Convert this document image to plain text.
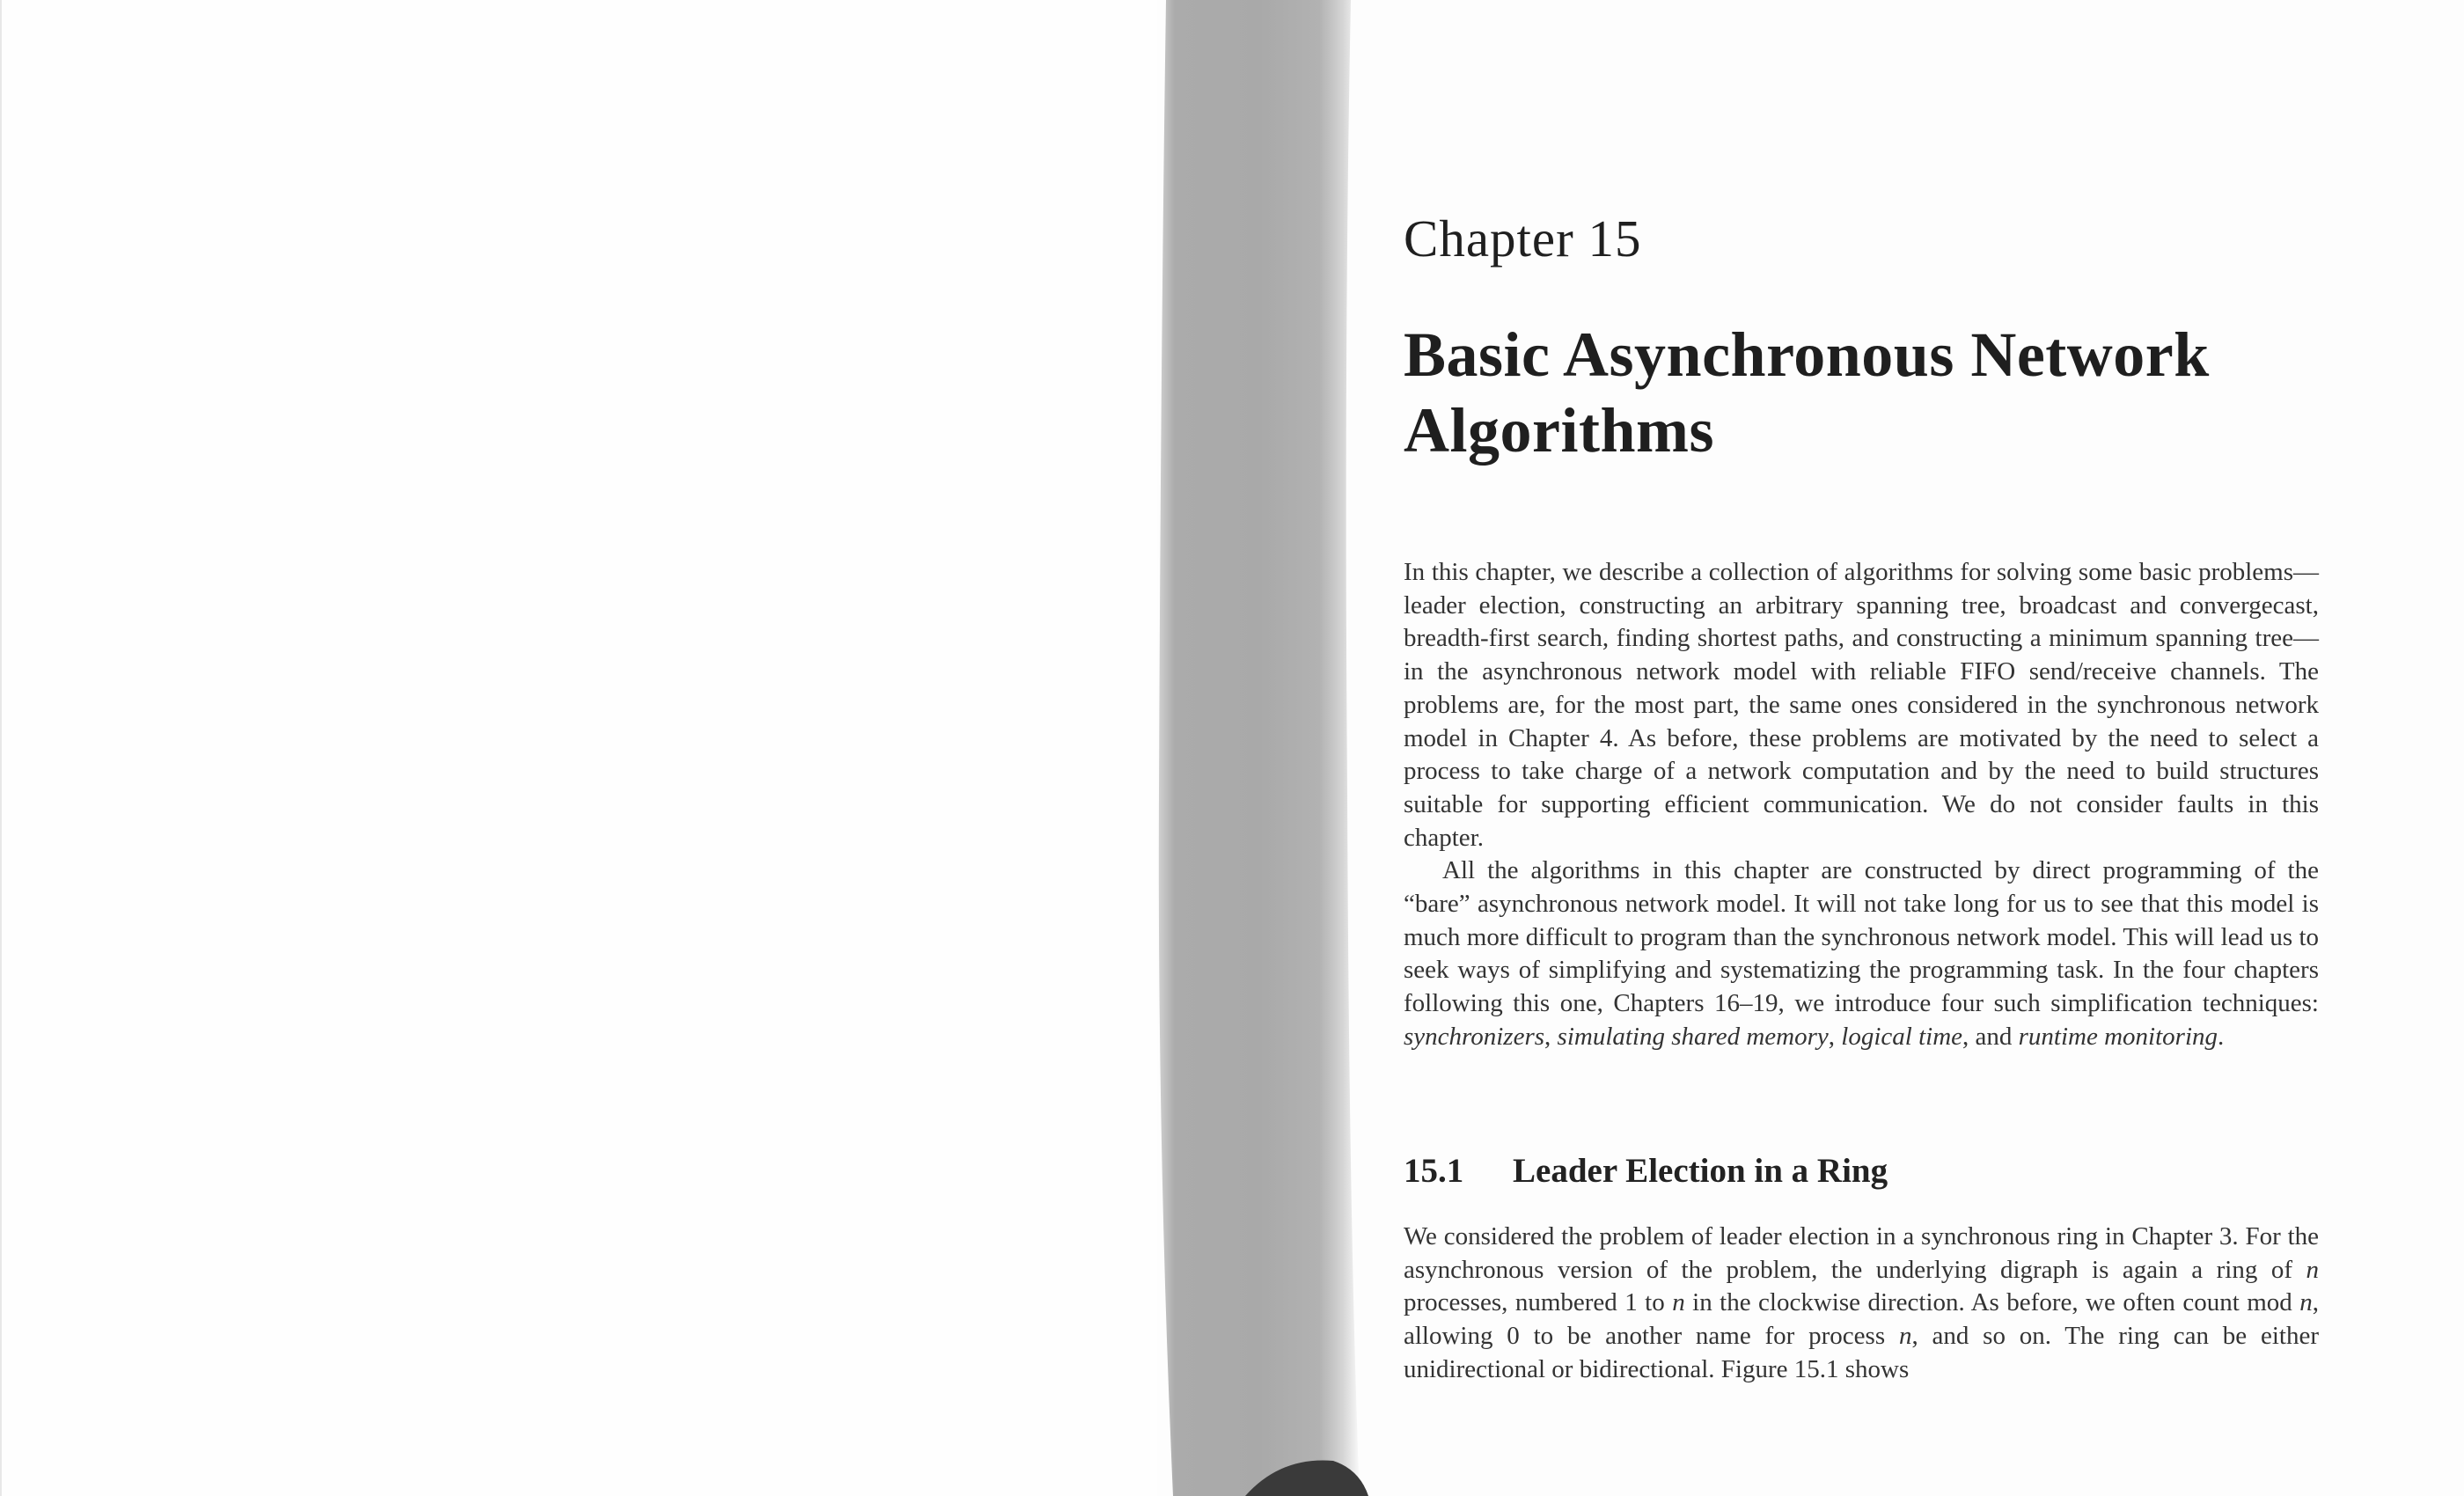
Chapter 15
Basic Asynchronous Network Algorithms

In this chapter, we describe a collection of algorithms for solving some basic problems—leader election, constructing an arbitrary spanning tree, broadcast and convergecast, breadth-first search, finding shortest paths, and constructing a minimum spanning tree—in the asynchronous network model with reliable FIFO send/receive channels. The problems are, for the most part, the same ones considered in the synchronous network model in Chapter 4. As before, these problems are motivated by the need to select a process to take charge of a network computation and by the need to build structures suitable for supporting efficient communication. We do not consider faults in this chapter.

All the algorithms in this chapter are constructed by direct programming of the “bare” asynchronous network model. It will not take long for us to see that this model is much more difficult to program than the synchronous network model. This will lead us to seek ways of simplifying and systematizing the programming task. In the four chapters following this one, Chapters 16–19, we introduce four such simplification techniques: synchronizers, simulating shared memory, logical time, and runtime monitoring.

15.1 Leader Election in a Ring

We considered the problem of leader election in a synchronous ring in Chapter 3. For the asynchronous version of the problem, the underlying digraph is again a ring of n processes, numbered 1 to n in the clockwise direction. As before, we often count mod n, allowing 0 to be another name for process n, and so on. The ring can be either unidirectional or bidirectional. Figure 15.1 shows
